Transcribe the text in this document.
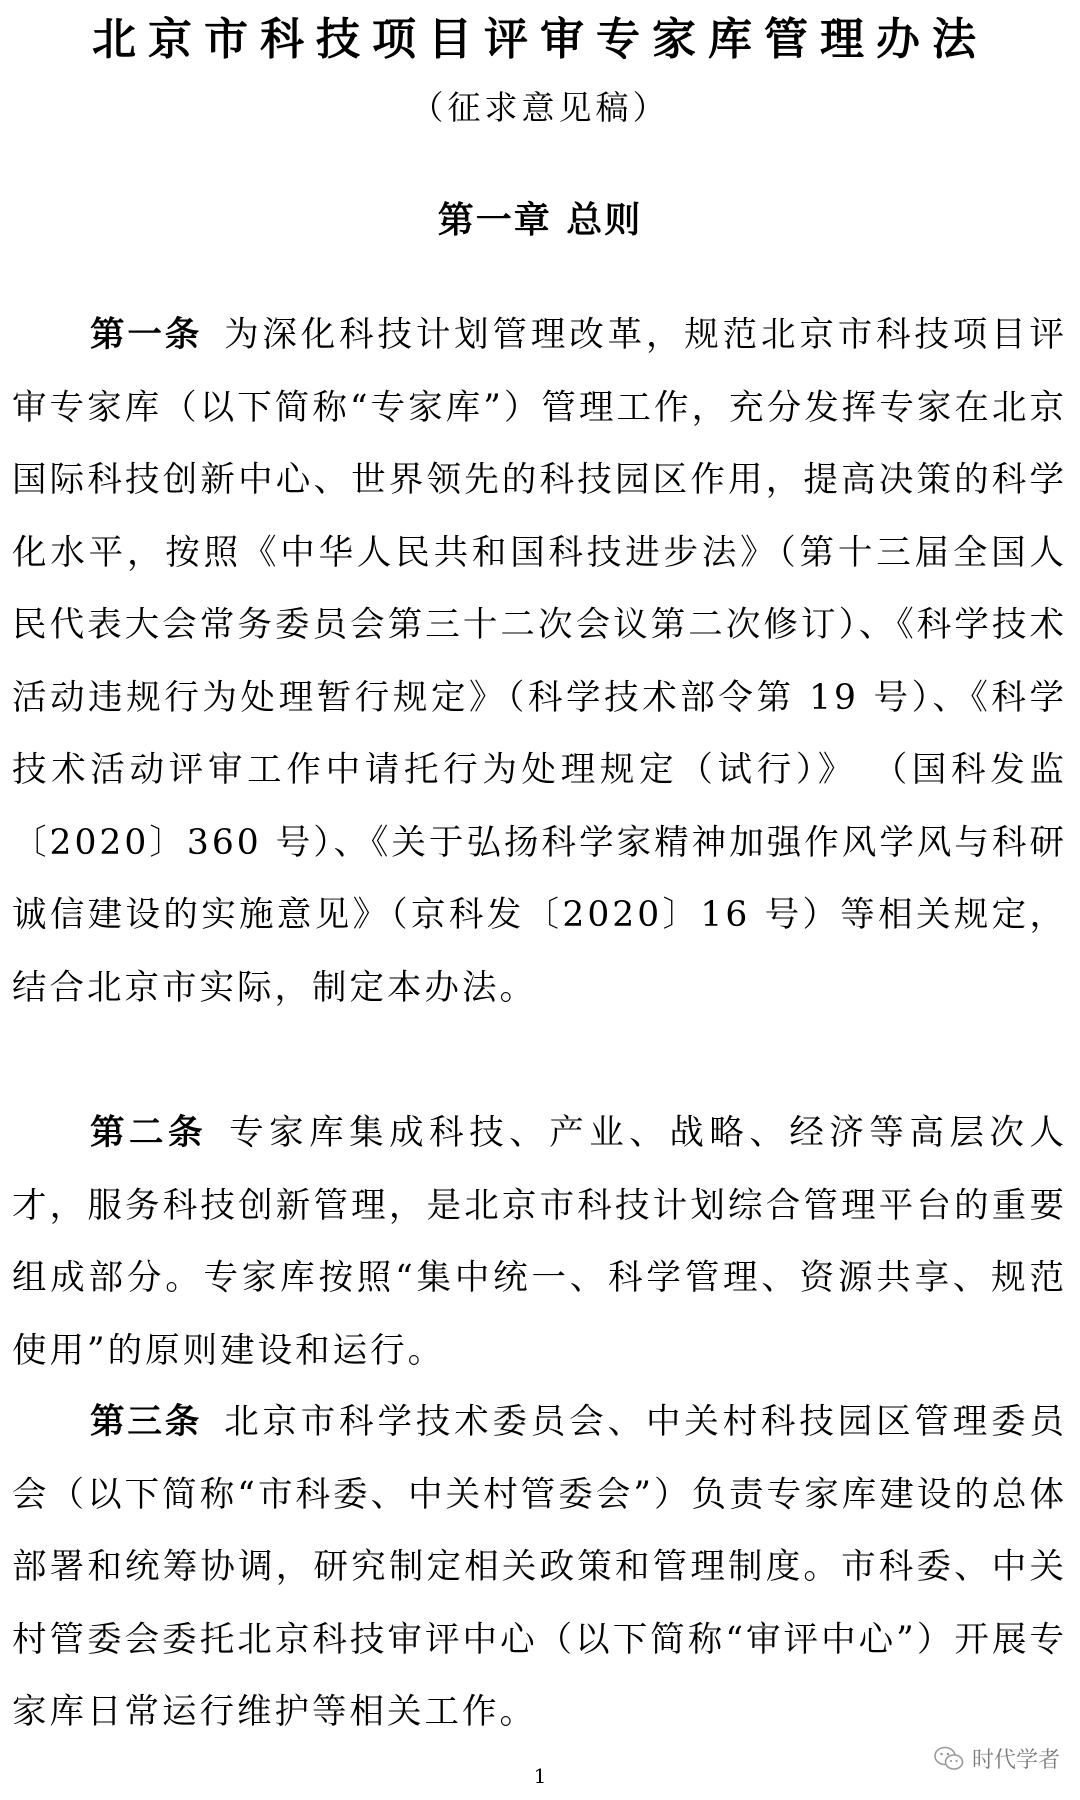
北京市科技项目评审专家库管理办法
（征求意见稿）
第一章 总则

第一条 为深化科技计划管理改革，规范北京市科技项目评审专家库（以下简称“专家库”）管理工作，充分发挥专家在北京国际科技创新中心、世界领先的科技园区作用，提高决策的科学化水平，按照《中华人民共和国科技进步法》（第十三届全国人民代表大会常务委员会第三十二次会议第二次修订）、《科学技术活动违规行为处理暂行规定》（科学技术部令第 19 号）、《科学技术活动评审工作中请托行为处理规定（试行）》 （国科发监〔2020〕360 号）、《关于弘扬科学家精神加强作风学风与科研诚信建设的实施意见》（京科发〔2020〕16 号）等相关规定，结合北京市实际，制定本办法。

第二条 专家库集成科技、产业、战略、经济等高层次人才，服务科技创新管理，是北京市科技计划综合管理平台的重要组成部分。专家库按照“集中统一、科学管理、资源共享、规范使用”的原则建设和运行。

第三条 北京市科学技术委员会、中关村科技园区管理委员会（以下简称“市科委、中关村管委会”）负责专家库建设的总体部署和统筹协调，研究制定相关政策和管理制度。市科委、中关村管委会委托北京科技审评中心（以下简称“审评中心”）开展专家库日常运行维护等相关工作。

时代学者
1
